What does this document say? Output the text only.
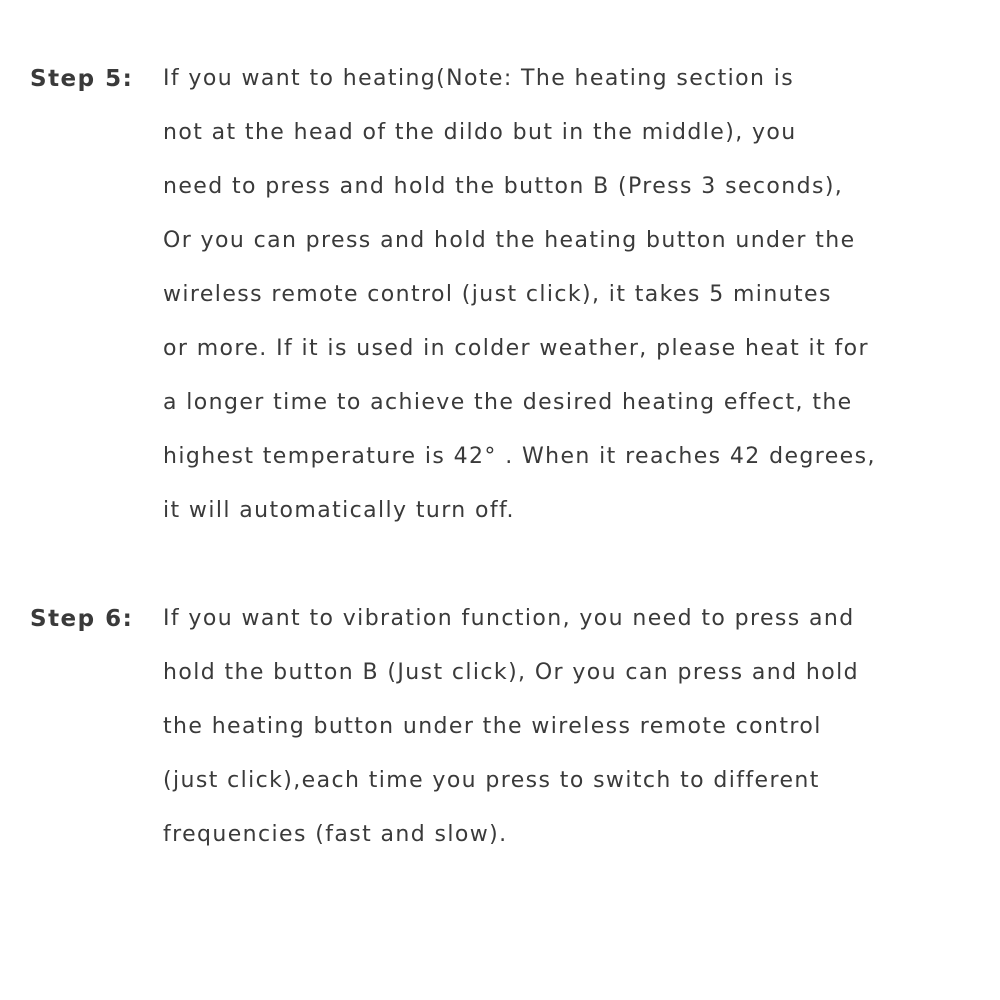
Step 5: If you want to heating(Note: The heating section is
not at the head of the dildo but in the middle), you
need to press and hold the button B (Press 3 seconds),
Or you can press and hold the heating button under the
wireless remote control (just click), it takes 5 minutes
or more. If it is used in colder weather, please heat it for
a longer time to achieve the desired heating effect, the
highest temperature is 42° . When it reaches 42 degrees,
it will automatically turn off.
Step 6: If you want to vibration function, you need to press and
hold the button B (Just click), Or you can press and hold
the heating button under the wireless remote control
(just click),each time you press to switch to different
frequencies (fast and slow).
